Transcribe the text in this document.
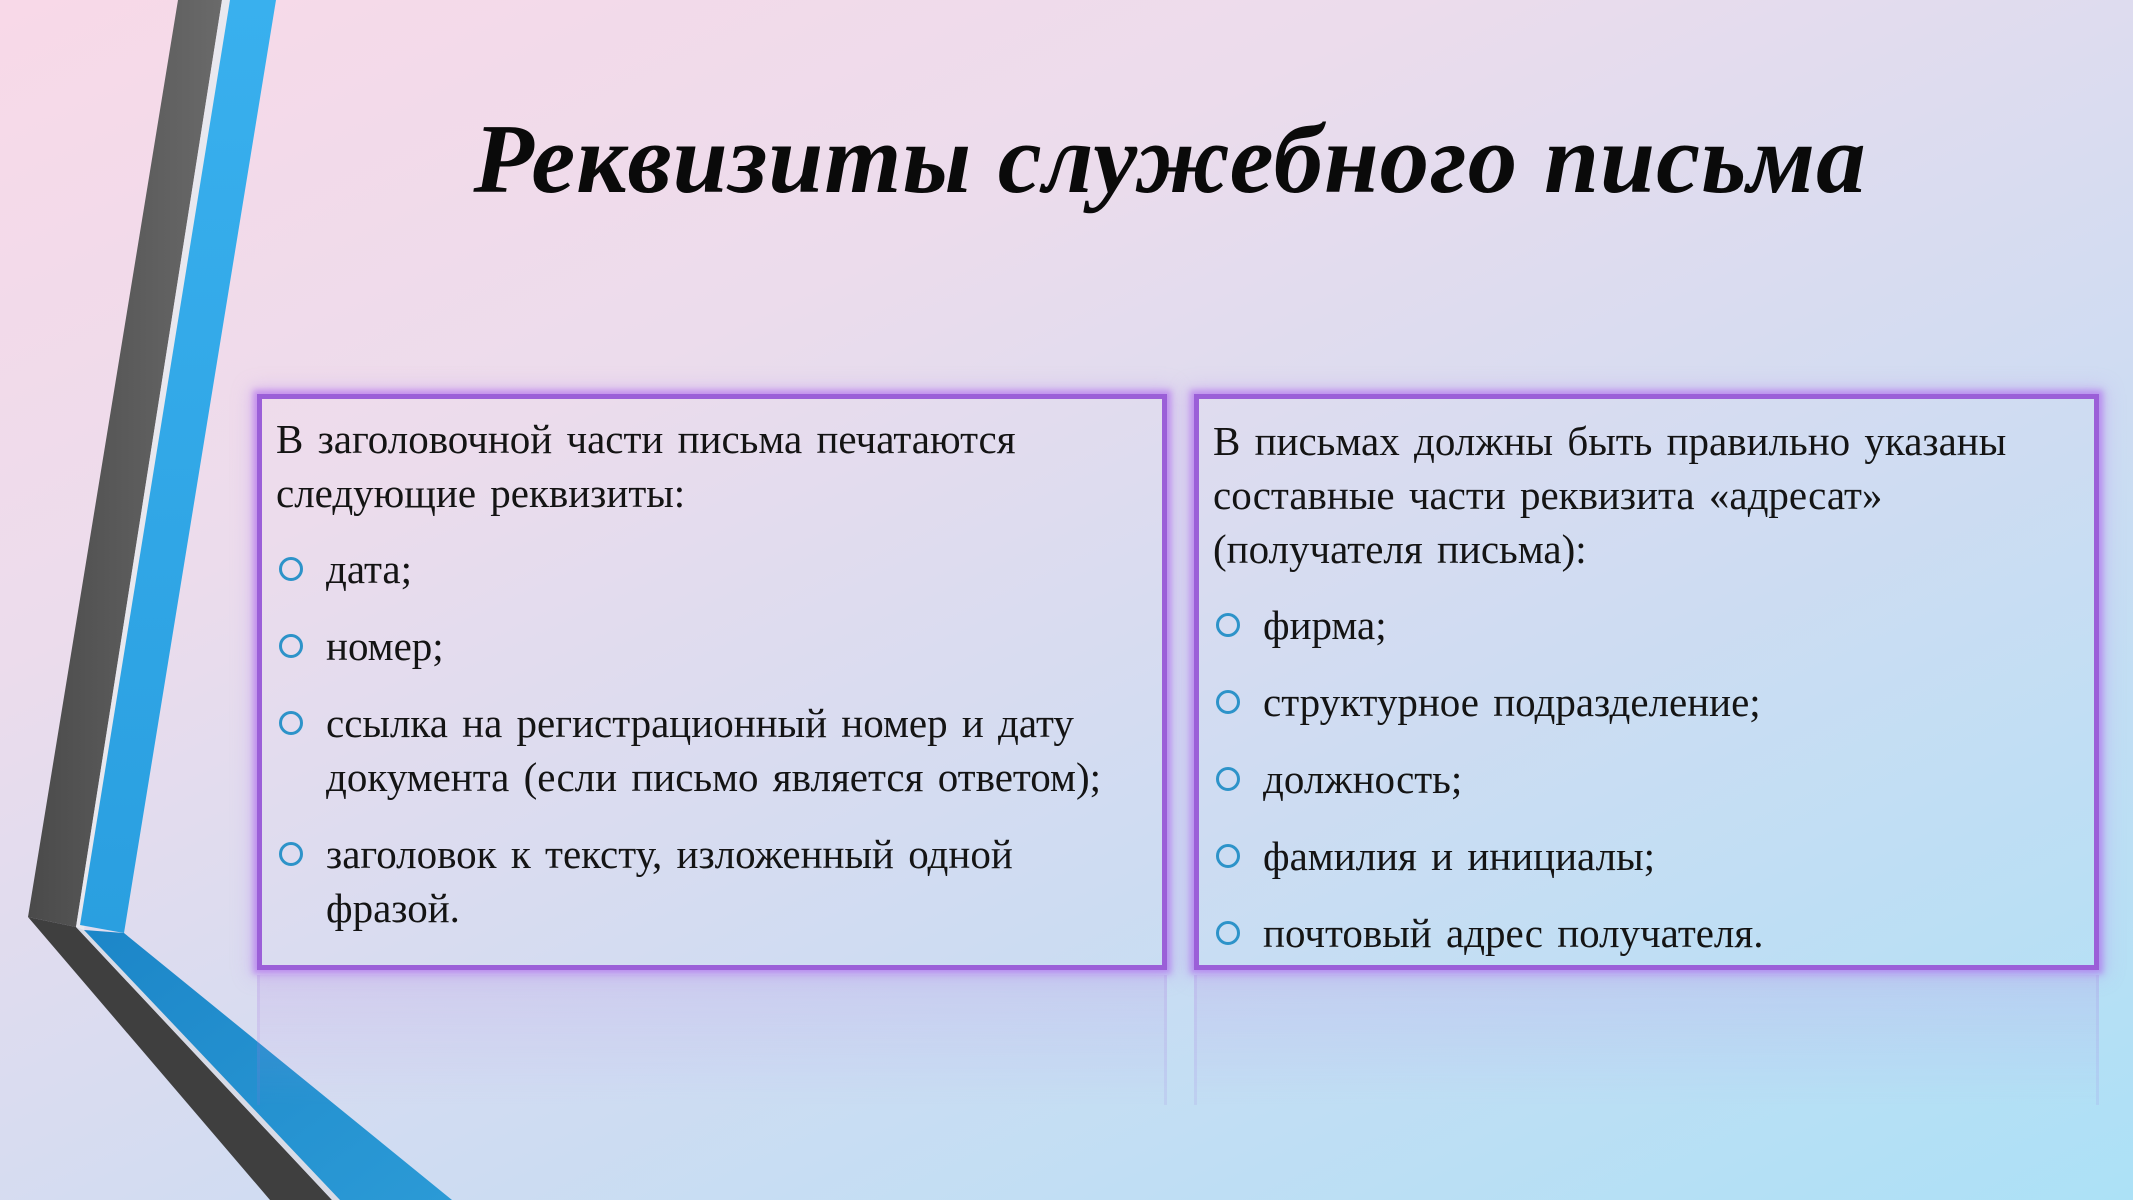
Реквизиты служебного письма

В заголовочной части письма печатаются следующие реквизиты:

дата;
номер;
ссылка на регистрационный номер и дату документа (если письмо является ответом);
заголовок к тексту, изложенный одной фразой.

В письмах должны быть правильно указаны составные части реквизита «адресат» (получателя письма):

фирма;
структурное подразделение;
должность;
фамилия и инициалы;
почтовый адрес получателя.
